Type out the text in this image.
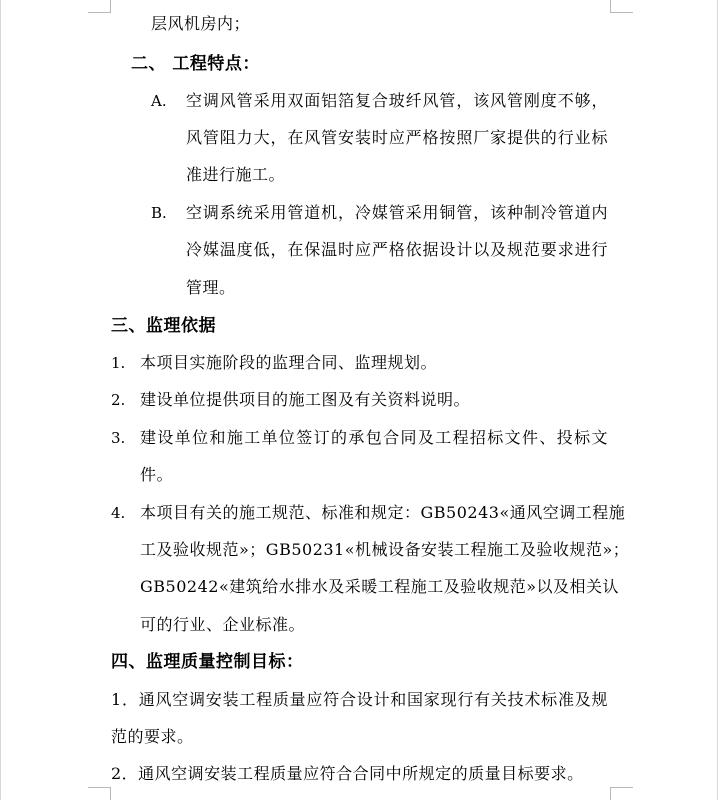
层风机房内；
二、 工程特点：
A. 空调风管采用双面铝箔复合玻纤风管，该风管刚度不够，
风管阻力大，在风管安装时应严格按照厂家提供的行业标
准进行施工。
B. 空调系统采用管道机，冷媒管采用铜管，该种制冷管道内
冷媒温度低，在保温时应严格依据设计以及规范要求进行
管理。
三、监理依据
1. 本项目实施阶段的监理合同、监理规划。
2. 建设单位提供项目的施工图及有关资料说明。
3. 建设单位和施工单位签订的承包合同及工程招标文件、投标文
件。
4. 本项目有关的施工规范、标准和规定：GB50243«通风空调工程施
工及验收规范»；GB50231«机械设备安装工程施工及验收规范»；
GB50242«建筑给水排水及采暖工程施工及验收规范»以及相关认
可的行业、企业标准。
四、监理质量控制目标：
1．通风空调安装工程质量应符合设计和国家现行有关技术标准及规
范的要求。
2．通风空调安装工程质量应符合合同中所规定的质量目标要求。
